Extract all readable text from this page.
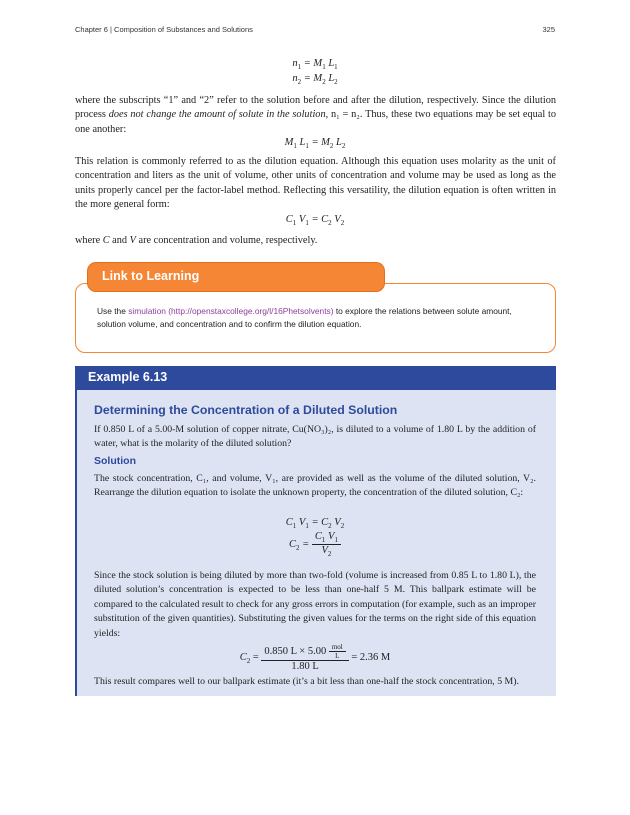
Chapter 6 | Composition of Substances and Solutions	325
$n_1 = M_1$ $L_1$
$n_2 = M_2$ $L_2$
where the subscripts “1” and “2” refer to the solution before and after the dilution, respectively. Since the dilution process does not change the amount of solute in the solution, n₁ = n₂. Thus, these two equations may be set equal to one another:
$M_1$ $L_1 = M_2$ $L_2$
This relation is commonly referred to as the dilution equation. Although this equation uses molarity as the unit of concentration and liters as the unit of volume, other units of concentration and volume may be used as long as the units properly cancel per the factor-label method. Reflecting this versatility, the dilution equation is often written in the more general form:
$C_1$ $V_1 = C_2$ $V_2$
where C and V are concentration and volume, respectively.
Link to Learning
Use the simulation (http://openstaxcollege.org/l/16Phetsolvents) to explore the relations between solute amount, solution volume, and concentration and to confirm the dilution equation.
Example 6.13
Determining the Concentration of a Diluted Solution
If 0.850 L of a 5.00-M solution of copper nitrate, Cu(NO₃)₂, is diluted to a volume of 1.80 L by the addition of water, what is the molarity of the diluted solution?
Solution
The stock concentration, C₁, and volume, V₁, are provided as well as the volume of the diluted solution, V₂. Rearrange the dilution equation to isolate the unknown property, the concentration of the diluted solution, C₂:
$C_1$ $V_1 = C_2$ $V_2$
$C_2 = \frac{C_1 V_1}{V_2}$
Since the stock solution is being diluted by more than two-fold (volume is increased from 0.85 L to 1.80 L), the diluted solution’s concentration is expected to be less than one-half 5 M. This ballpark estimate will be compared to the calculated result to check for any gross errors in computation (for example, such as an improper substitution of the given quantities). Substituting the given values for the terms on the right side of this equation yields:
$C_2 = \frac{0.850 L \times 5.00 \frac{\text{mol}}{L}}{1.80 L} = 2.36$ M
This result compares well to our ballpark estimate (it’s a bit less than one-half the stock concentration, 5 M).
